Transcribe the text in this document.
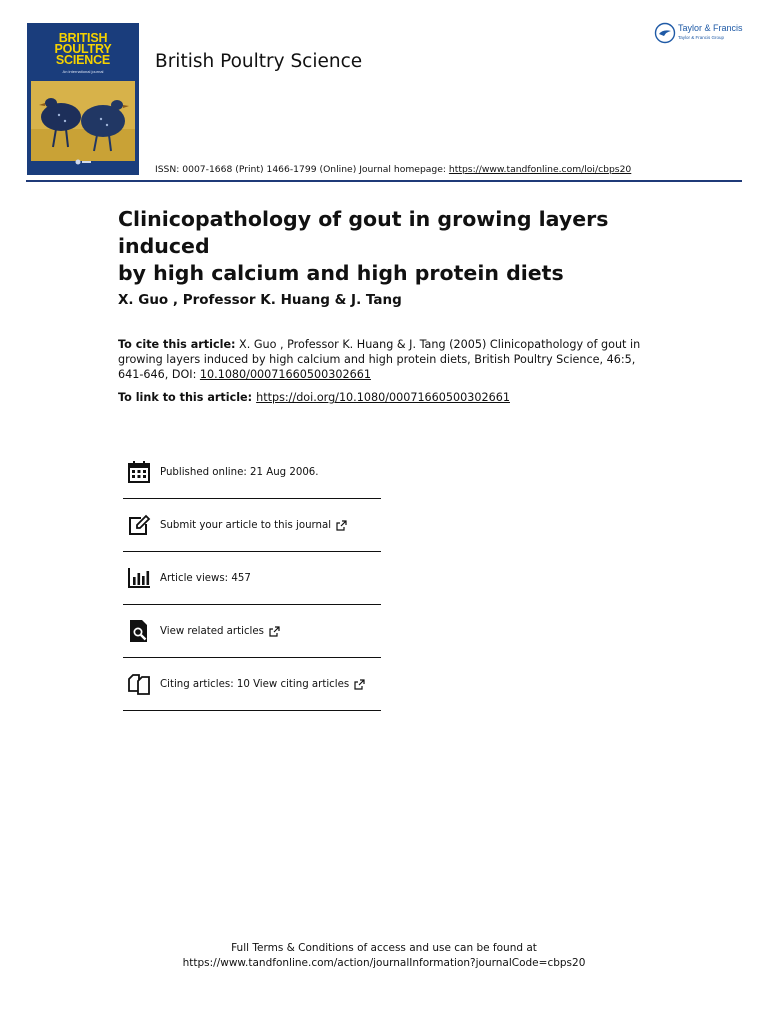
BRITISH
POULTRY
SCIENCE
An international journal	British Poultry Science
ISSN: 0007-1668 (Print) 1466-1799 (Online) Journal homepage: https://www.tandfonline.com/loi/cbps20
Taylor & Francis
Taylor & Francis Group
Clinicopathology of gout in growing layers induced
by high calcium and high protein diets
X. Guo , Professor K. Huang & J. Tang
To cite this article: X. Guo , Professor K. Huang & J. Tang (2005) Clinicopathology of gout in growing layers induced by high calcium and high protein diets, British Poultry Science, 46:5, 641-646, DOI: 10.1080/00071660500302661
To link to this article: https://doi.org/10.1080/00071660500302661
Published online: 21 Aug 2006.
Submit your article to this journal
Article views: 457
View related articles
Citing articles: 10 View citing articles
Full Terms & Conditions of access and use can be found at
https://www.tandfonline.com/action/journalInformation?journalCode=cbps20
